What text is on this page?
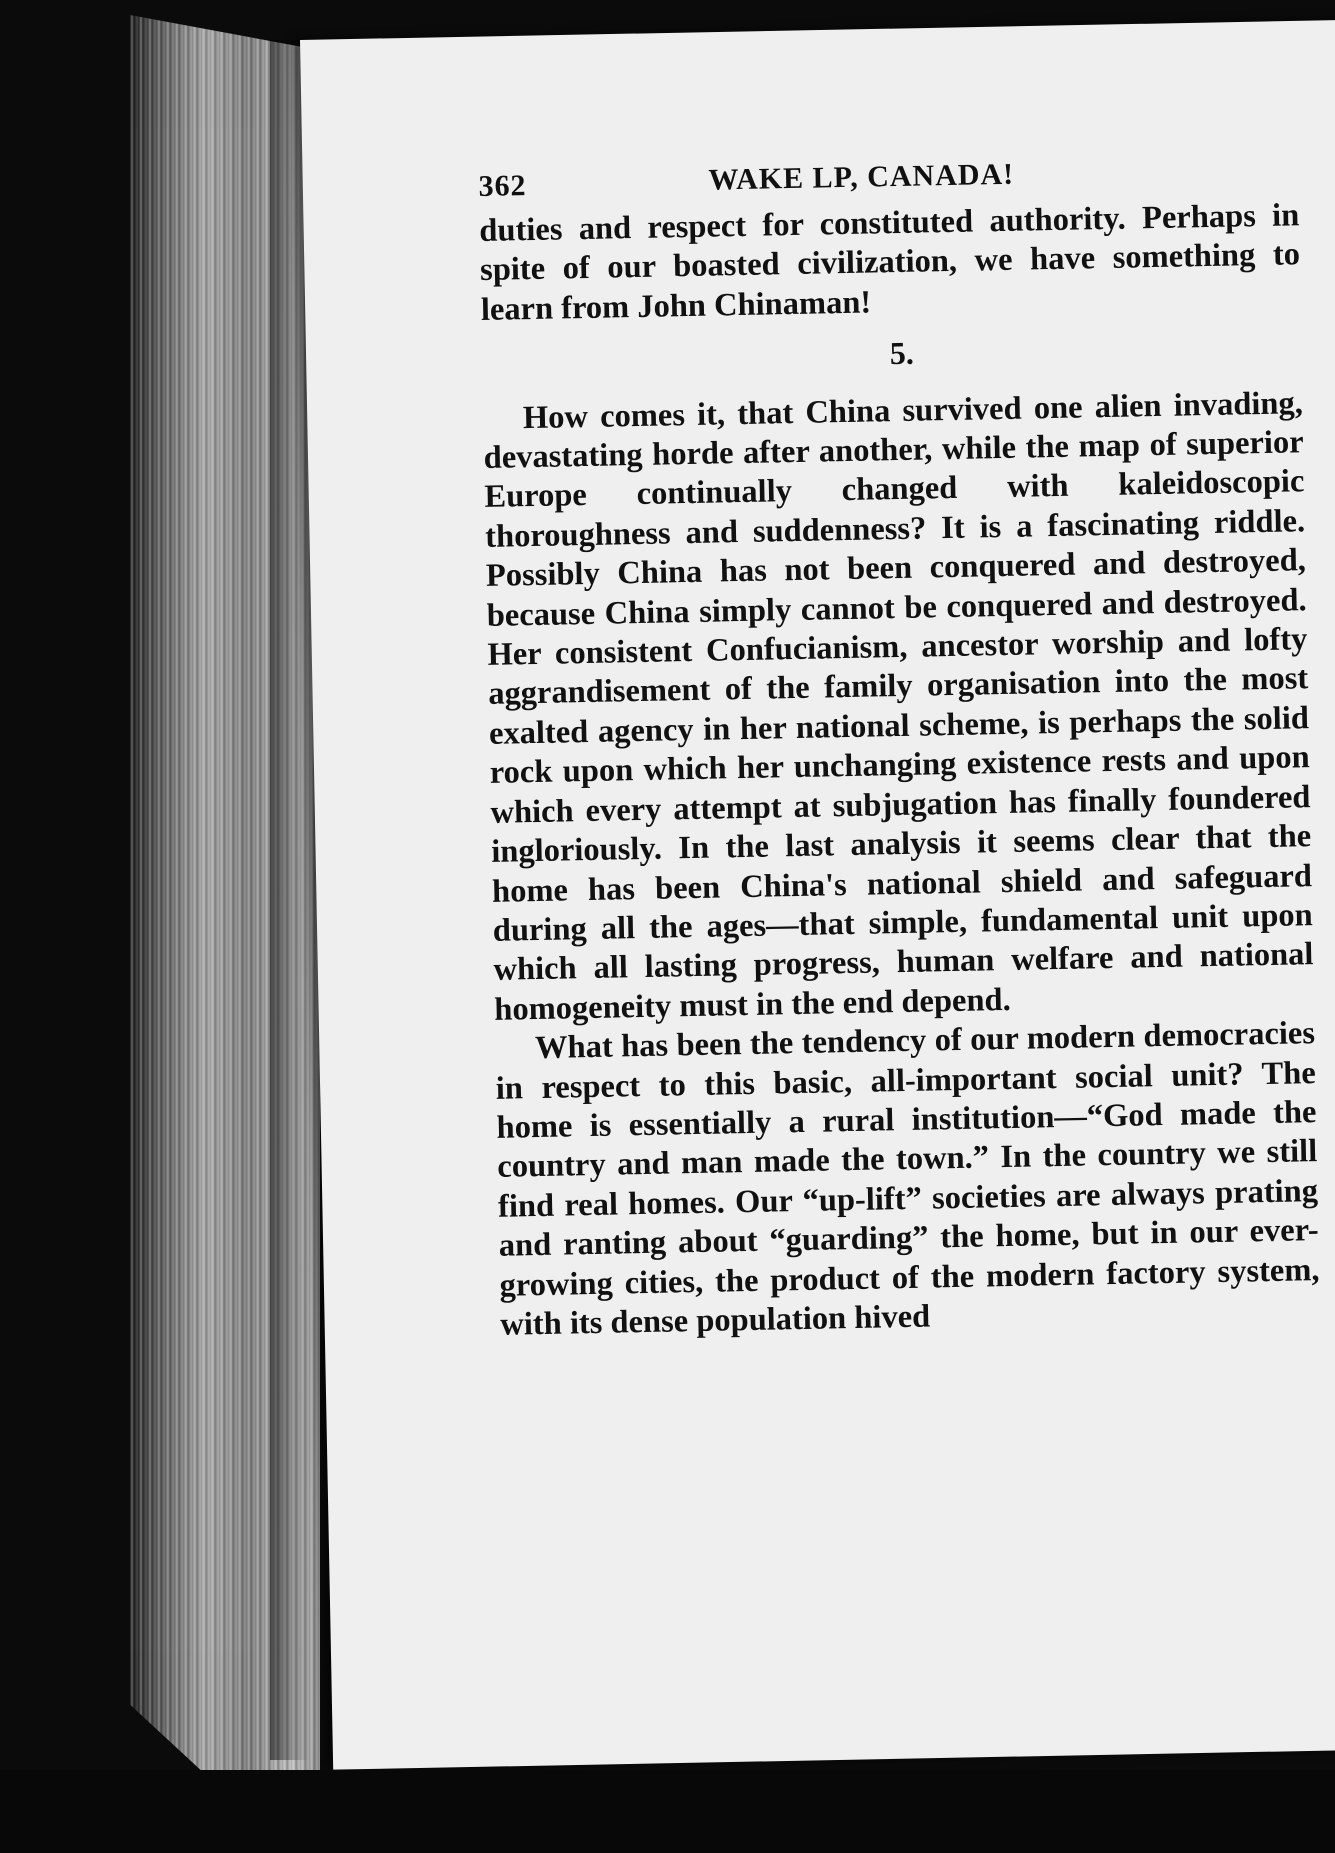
362	WAKE LP, CANADA!

duties and respect for constituted authority. Perhaps in spite of our boasted civilization, we have something to learn from John Chinaman!

5.

How comes it, that China survived one alien invading, devastating horde after another, while the map of superior Europe continually changed with kaleidoscopic thoroughness and suddenness? It is a fascinating riddle. Possibly China has not been conquered and destroyed, because China simply cannot be conquered and destroyed. Her consistent Confucianism, ancestor worship and lofty aggrandisement of the family organisation into the most exalted agency in her national scheme, is perhaps the solid rock upon which her unchanging existence rests and upon which every attempt at subjugation has finally foundered ingloriously. In the last analysis it seems clear that the home has been China's national shield and safeguard during all the ages—that simple, fundamental unit upon which all lasting progress, human welfare and national homogeneity must in the end depend.

What has been the tendency of our modern democracies in respect to this basic, all-important social unit? The home is essentially a rural institution—“God made the country and man made the town.” In the country we still find real homes. Our “up-lift” societies are always prating and ranting about “guarding” the home, but in our ever-growing cities, the product of the modern factory system, with its dense population hived
